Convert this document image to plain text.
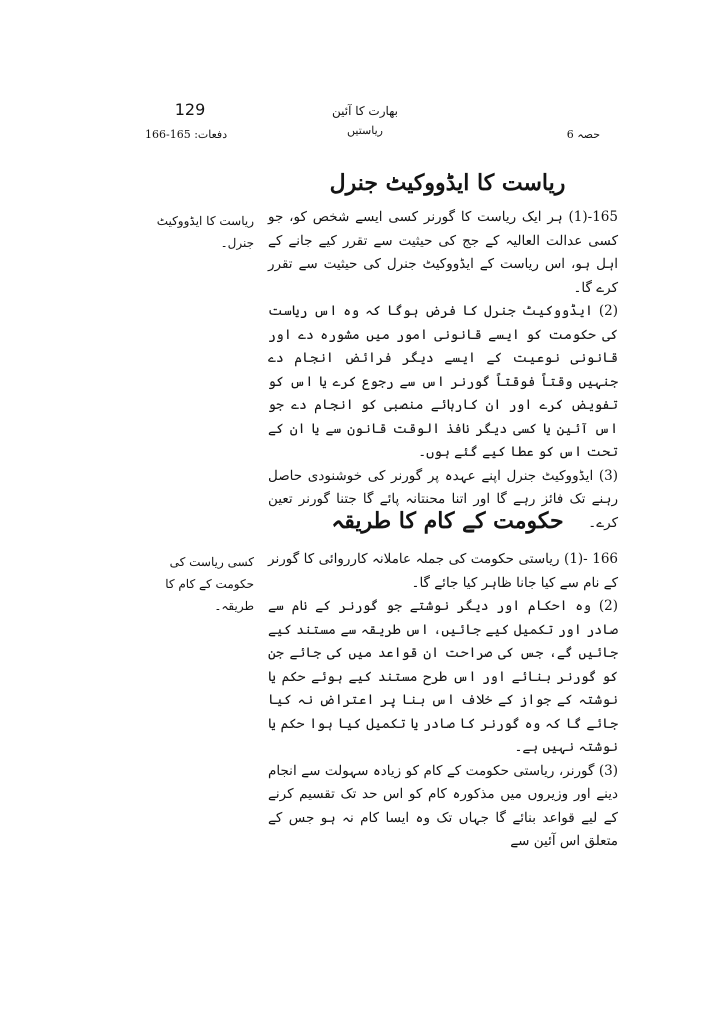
129
دفعات: 165-166
بھارت کا آئین
ریاستیں	حصہ 6
ریاست کا ایڈووکیٹ جنرل
ریاست کا ایڈووکیٹ جنرل۔

165-(1) ہر ایک ریاست کا گورنر کسی ایسے شخص کو، جو کسی عدالت العالیہ کے جج کی حیثیت سے تقرر کیے جانے کے اہل ہو، اس ریاست کے ایڈووکیٹ جنرل کی حیثیت سے تقرر کرے گا۔

(2) ایڈووکیٹ جنرل کا فرض ہوگا کہ وہ اس ریاست کی حکومت کو ایسے قانونی امور میں مشورہ دے اور قانونی نوعیت کے ایسے دیگر فرائض انجام دے جنہیں وقتاً فوقتاً گورنر اس سے رجوع کرے یا اس کو تفویض کرے اور ان کارہائے منصبی کو انجام دے جو اس آئین یا کسی دیگر نافذ الوقت قانون سے یا ان کے تحت اس کو عطا کیے گئے ہوں۔

(3) ایڈووکیٹ جنرل اپنے عہدہ پر گورنر کی خوشنودی حاصل رہنے تک فائز رہے گا اور اتنا محنتانہ پائے گا جتنا گورنر تعین کرے۔

حکومت کے کام کا طریقہ
کسی ریاست کی حکومت کے کام کا طریقہ۔

166 -(1) ریاستی حکومت کی جملہ عاملانہ کارروائی کا گورنر کے نام سے کیا جانا ظاہر کیا جائے گا۔

(2) وہ احکام اور دیگر نوشتے جو گورنر کے نام سے صادر اور تکمیل کیے جائیں، اس طریقہ سے مستند کیے جائیں گے، جس کی صراحت ان قواعد میں کی جائے جن کو گورنر بنائے اور اس طرح مستند کیے ہوئے حکم یا نوشتہ کے جواز کے خلاف اس بنا پر اعتراض نہ کیا جائے گا کہ وہ گورنر کا صادر یا تکمیل کیا ہوا حکم یا نوشتہ نہیں ہے۔

(3) گورنر، ریاستی حکومت کے کام کو زیادہ سہولت سے انجام دینے اور وزیروں میں مذکورہ کام کو اس حد تک تقسیم کرنے کے لیے قواعد بنائے گا جہاں تک وہ ایسا کام نہ ہو جس کے متعلق اس آئین سے
